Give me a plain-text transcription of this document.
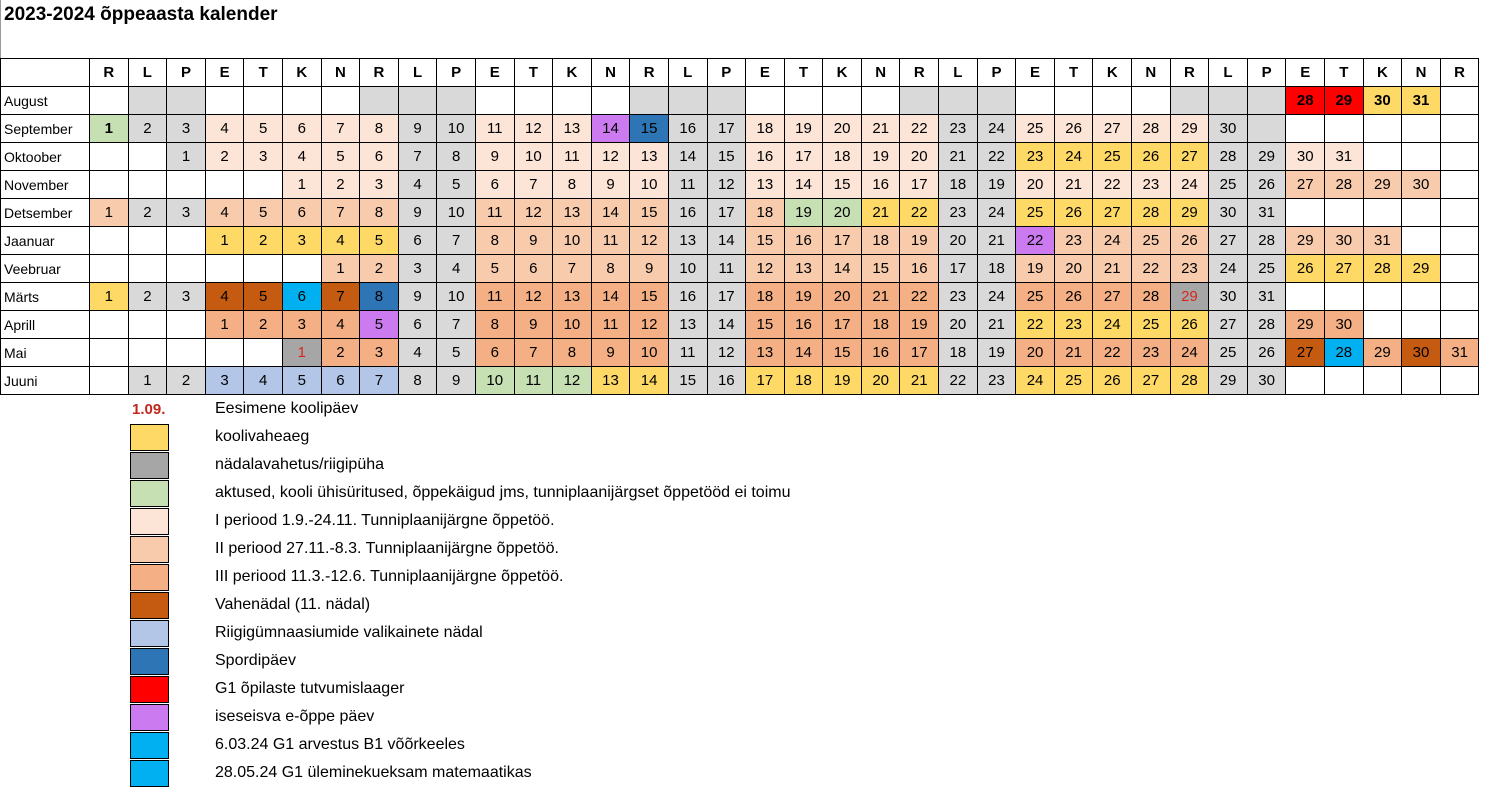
2023-2024 õppeaasta kalender
	R	L	P	E	T	K	N	R	L	P	E	T	K	N	R	L	P	E	T	K	N	R	L	P	E	T	K	N	R	L	P	E	T	K	N	R
August																																28	29	30	31	
September	1	2	3	4	5	6	7	8	9	10	11	12	13	14	15	16	17	18	19	20	21	22	23	24	25	26	27	28	29	30						
Oktoober			1	2	3	4	5	6	7	8	9	10	11	12	13	14	15	16	17	18	19	20	21	22	23	24	25	26	27	28	29	30	31			
November						1	2	3	4	5	6	7	8	9	10	11	12	13	14	15	16	17	18	19	20	21	22	23	24	25	26	27	28	29	30	
Detsember	1	2	3	4	5	6	7	8	9	10	11	12	13	14	15	16	17	18	19	20	21	22	23	24	25	26	27	28	29	30	31					
Jaanuar				1	2	3	4	5	6	7	8	9	10	11	12	13	14	15	16	17	18	19	20	21	22	23	24	25	26	27	28	29	30	31		
Veebruar							1	2	3	4	5	6	7	8	9	10	11	12	13	14	15	16	17	18	19	20	21	22	23	24	25	26	27	28	29	
Märts	1	2	3	4	5	6	7	8	9	10	11	12	13	14	15	16	17	18	19	20	21	22	23	24	25	26	27	28	29	30	31					
Aprill				1	2	3	4	5	6	7	8	9	10	11	12	13	14	15	16	17	18	19	20	21	22	23	24	25	26	27	28	29	30			
Mai						1	2	3	4	5	6	7	8	9	10	11	12	13	14	15	16	17	18	19	20	21	22	23	24	25	26	27	28	29	30	31
Juuni		1	2	3	4	5	6	7	8	9	10	11	12	13	14	15	16	17	18	19	20	21	22	23	24	25	26	27	28	29	30					
1.09.	Eesimene koolipäev
koolivaheaeg
nädalavahetus/riigipüha
aktused, kooli ühisüritused, õppekäigud jms, tunniplaanijärgset õppetööd ei toimu
I periood 1.9.-24.11. Tunniplaanijärgne õppetöö.
II periood 27.11.-8.3. Tunniplaanijärgne õppetöö.
III periood 11.3.-12.6. Tunniplaanijärgne õppetöö.
Vahenädal (11. nädal)
Riigigümnaasiumide valikainete nädal
Spordipäev
G1 õpilaste tutvumislaager
iseseisva e-õppe päev
6.03.24 G1 arvestus B1 võõrkeeles
28.05.24 G1 üleminekueksam matemaatikas
